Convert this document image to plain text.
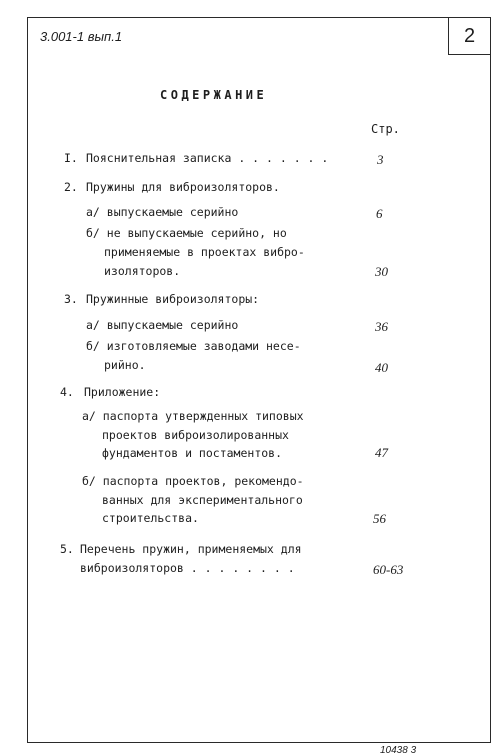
2
3.001-1 вып.1
СОДЕРЖАНИЕ
Стр.
I. Пояснительная записка . . . . . . .	3
2. Пружины для виброизоляторов.
а/ выпускаемые серийно	6
б/ не выпускаемые серийно, но
применяемые в проектах вибро-
изоляторов.	30
3. Пружинные виброизоляторы:
а/ выпускаемые серийно	36
б/ изготовляемые заводами несе-
рийно.	40
4. Приложение:
а/ паспорта утвержденных типовых
проектов виброизолированных
фундаментов и постаментов.	47
б/ паспорта проектов, рекомендо-
ванных для экспериментального
строительства.	56
5. Перечень пружин, применяемых для
виброизоляторов . . . . . . . .	60-63
10438 3
